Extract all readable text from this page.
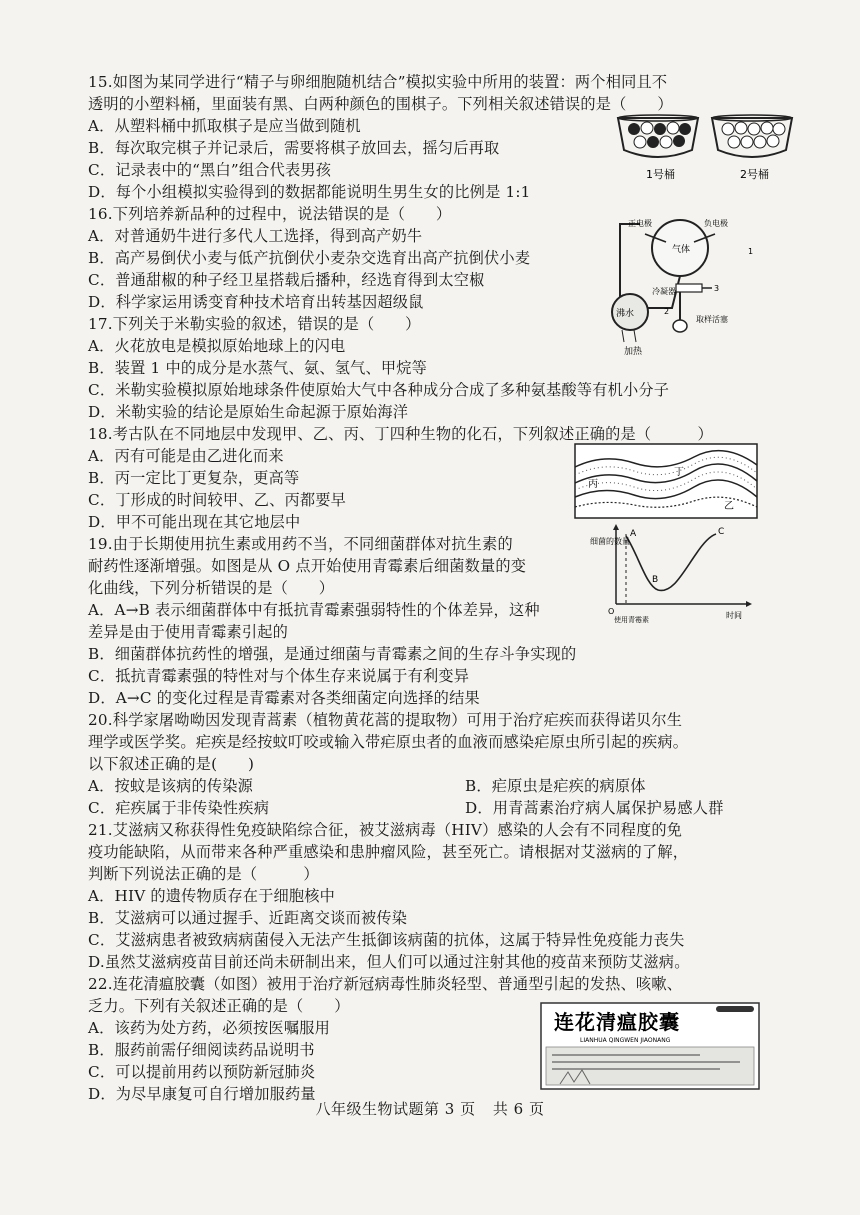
15.如图为某同学进行“精子与卵细胞随机结合”模拟实验中所用的装置：两个相同且不
透明的小塑料桶，里面装有黑、白两种颜色的围棋子。下列相关叙述错误的是（　　）
A．从塑料桶中抓取棋子是应当做到随机
B．每次取完棋子并记录后，需要将棋子放回去，摇匀后再取
C．记录表中的“黑白”组合代表男孩
D．每个小组模拟实验得到的数据都能说明生男生女的比例是 1:1
1号桶	2号桶
16.下列培养新品种的过程中，说法错误的是（　　）
A．对普通奶牛进行多代人工选择，得到高产奶牛
B．高产易倒伏小麦与低产抗倒伏小麦杂交选育出高产抗倒伏小麦
C．普通甜椒的种子经卫星搭载后播种，经选育得到太空椒
D．科学家运用诱变育种技术培育出转基因超级鼠
正电极	负电极
气体
沸水
冷凝器
取样活塞
加热
1
2
3
17.下列关于米勒实验的叙述，错误的是（　　）
A．火花放电是模拟原始地球上的闪电
B．装置 1 中的成分是水蒸气、氨、氢气、甲烷等
C．米勒实验模拟原始地球条件使原始大气中各种成分合成了多种氨基酸等有机小分子
D．米勒实验的结论是原始生命起源于原始海洋
18.考古队在不同地层中发现甲、乙、丙、丁四种生物的化石，下列叙述正确的是（　　　）
A．丙有可能是由乙进化而来
B．丙一定比丁更复杂，更高等
C．丁形成的时间较甲、乙、丙都要早
D．甲不可能出现在其它地层中
丙
丁
乙
19.由于长期使用抗生素或用药不当，不同细菌群体对抗生素的
耐药性逐渐增强。如图是从 O 点开始使用青霉素后细菌数量的变
化曲线，下列分析错误的是（　　）
A．A→B 表示细菌群体中有抵抗青霉素强弱特性的个体差异，这种
差异是由于使用青霉素引起的
B．细菌群体抗药性的增强，是通过细菌与青霉素之间的生存斗争实现的
C．抵抗青霉素强的特性对与个体生存来说属于有利变异
D．A→C 的变化过程是青霉素对各类细菌定向选择的结果
细菌的数量
A
B
C
O	时间
使用青霉素
20.科学家屠呦呦因发现青蒿素（植物黄花蒿的提取物）可用于治疗疟疾而获得诺贝尔生
理学或医学奖。疟疾是经按蚊叮咬或输入带疟原虫者的血液而感染疟原虫所引起的疾病。
以下叙述正确的是(　　)
A．按蚊是该病的传染源	B．疟原虫是疟疾的病原体
C．疟疾属于非传染性疾病	D．用青蒿素治疗病人属保护易感人群
21.艾滋病又称获得性免疫缺陷综合征，被艾滋病毒（HIV）感染的人会有不同程度的免
疫功能缺陷，从而带来各种严重感染和患肿瘤风险，甚至死亡。请根据对艾滋病的了解，
判断下列说法正确的是（　　　）
A．HIV 的遗传物质存在于细胞核中
B．艾滋病可以通过握手、近距离交谈而被传染
C．艾滋病患者被致病病菌侵入无法产生抵御该病菌的抗体，这属于特异性免疫能力丧失
D.虽然艾滋病疫苗目前还尚未研制出来，但人们可以通过注射其他的疫苗来预防艾滋病。
22.连花清瘟胶囊（如图）被用于治疗新冠病毒性肺炎轻型、普通型引起的发热、咳嗽、
乏力。下列有关叙述正确的是（　　）
A．该药为处方药，必须按医嘱服用
B．服药前需仔细阅读药品说明书
C．可以提前用药以预防新冠肺炎
D．为尽早康复可自行增加服药量
连花清瘟胶囊
LIANHUA QINGWEN JIAONANG
八年级生物试题第 3 页 共 6 页
